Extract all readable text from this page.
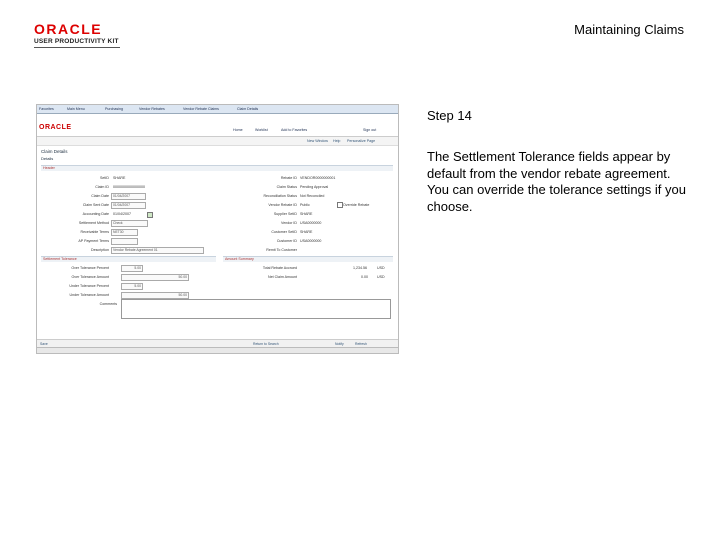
ORACLE
USER PRODUCTIVITY KIT
Maintaining Claims
Favorites	Main Menu	Purchasing	Vendor Rebates	Vendor Rebate Claims	Claim Details
ORACLE	Home	Worklist	Add to Favorites	Sign out
New Window Help Personalize Page
Claim Details
Details
Header
SetID SHARE
Claim ID 0000000000000000
Claim Date	01/04/2007
Claim Sent Date	01/04/2007
Accounting Date 01/04/2007
Settlement Method	Check
Receivable Terms	NET30
AP Payment Terms
Description	Vendor Rebate Agreement 01
Rebate ID VENDOR0000000001
Claim Status Pending Approval
Reconciliation Status Not Reconciled
Vendor Rebate ID Public	Override Rebate
Supplier SetID SHARE
Vendor ID USA0000000
Customer SetID SHARE
Customer ID USA0000000
Remit To Customer
Settlement Tolerance	Amount Summary
Over Tolerance Percent	5.00
Over Tolerance Amount	50.00
Under Tolerance Percent	5.00
Under Tolerance Amount	50.00
Total Rebate Accrued	1,234.56	USD
Net Claim Amount	0.00	USD
Comments
Save	Return to Search	Notify	Refresh
Step 14
The Settlement Tolerance fields appear by default from the vendor rebate agreement. You can override the tolerance settings if you choose.
